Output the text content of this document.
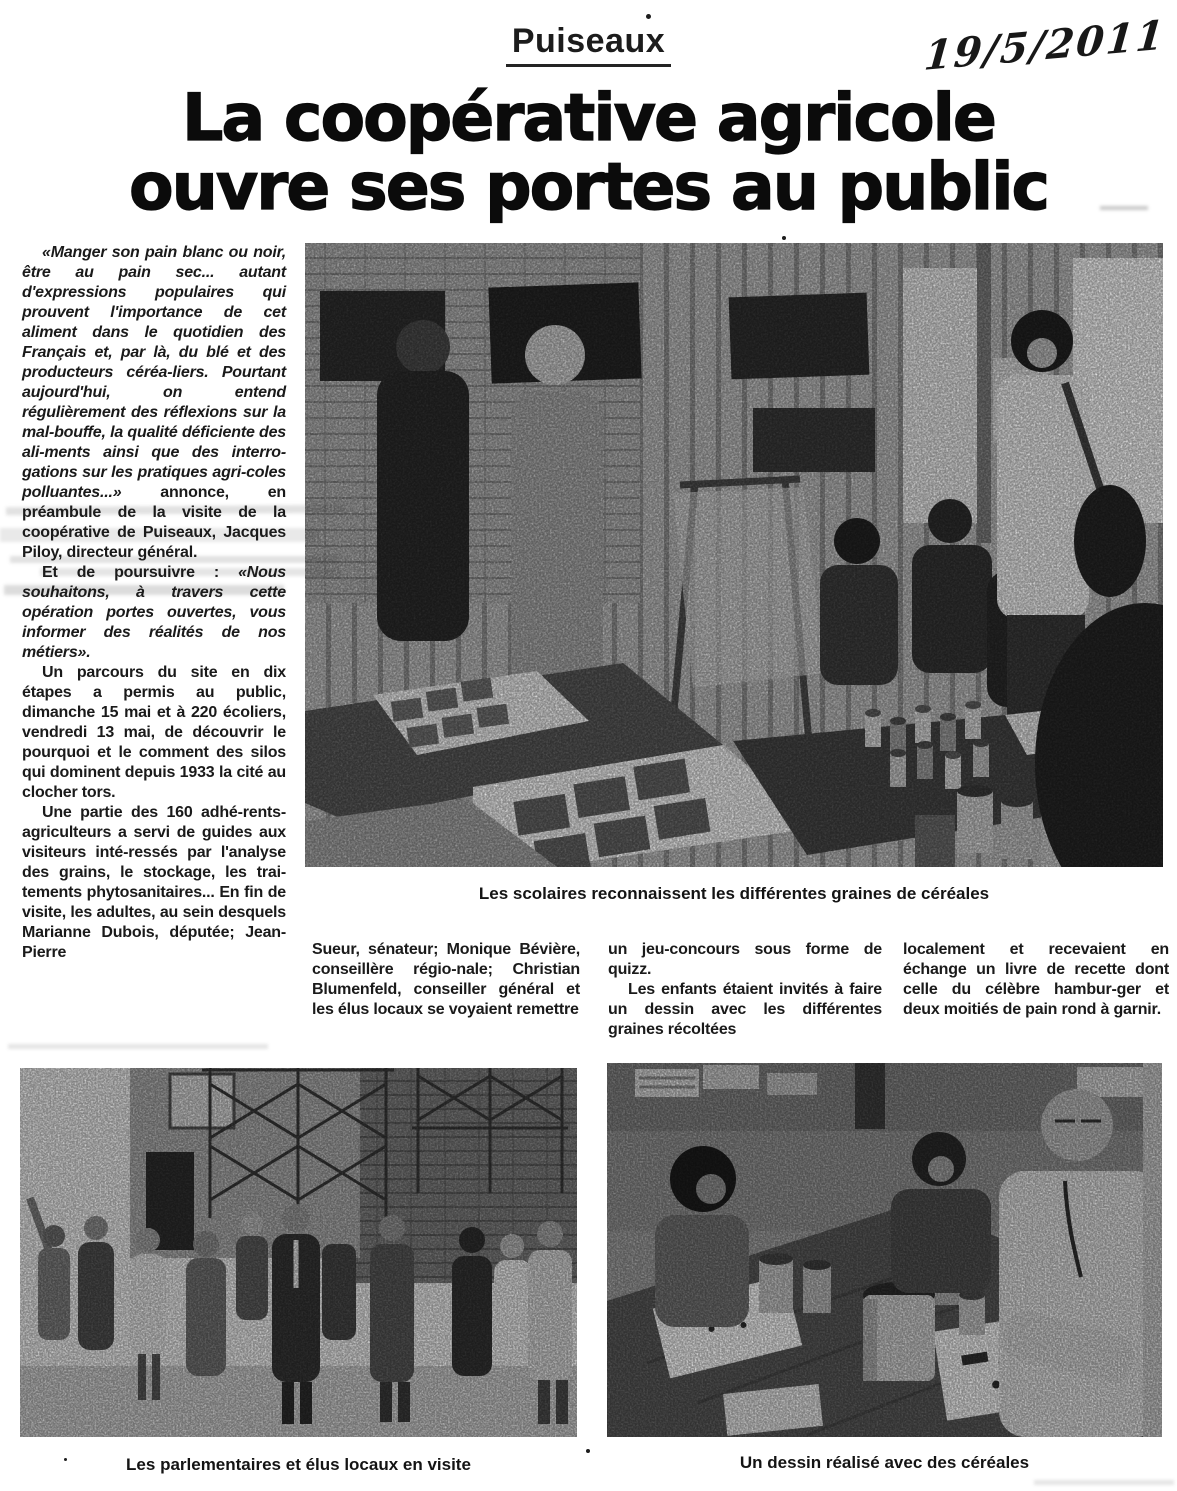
Puiseaux	19/5/2011
La coopérative agricole
ouvre ses portes au public

«Manger son pain blanc ou noir, être au pain sec... autant d'expressions populaires qui prouvent l'importance de cet aliment dans le quotidien des Français et, par là, du blé et des producteurs céréa-liers. Pourtant aujourd'hui, on entend régulièrement des réflexions sur la mal-bouffe, la qualité déficiente des ali-ments ainsi que des interro-gations sur les pratiques agri-coles polluantes...» annonce, en préambule de la visite de la coopérative de Puiseaux, Jacques Piloy, directeur général.

Et de poursuivre : «Nous souhaitons, à travers cette opération portes ouvertes, vous informer des réalités de nos métiers».

Un parcours du site en dix étapes a permis au public, dimanche 15 mai et à 220 écoliers, vendredi 13 mai, de découvrir le pourquoi et le comment des silos qui dominent depuis 1933 la cité au clocher tors.

Une partie des 160 adhé-rents-agriculteurs a servi de guides aux visiteurs inté-ressés par l'analyse des grains, le stockage, les trai-tements phytosanitaires... En fin de visite, les adultes, au sein desquels Marianne Dubois, députée; Jean-Pierre

Les scolaires reconnaissent les différentes graines de céréales

Sueur, sénateur; Monique Bévière, conseillère régio-nale; Christian Blumenfeld, conseiller général et les élus locaux se voyaient remettre

un jeu-concours sous forme de quizz.

Les enfants étaient invités à faire un dessin avec les différentes graines récoltées

localement et recevaient en échange un livre de recette dont celle du célèbre hambur-ger et deux moitiés de pain rond à garnir.

Les parlementaires et élus locaux en visite	Un dessin réalisé avec des céréales
